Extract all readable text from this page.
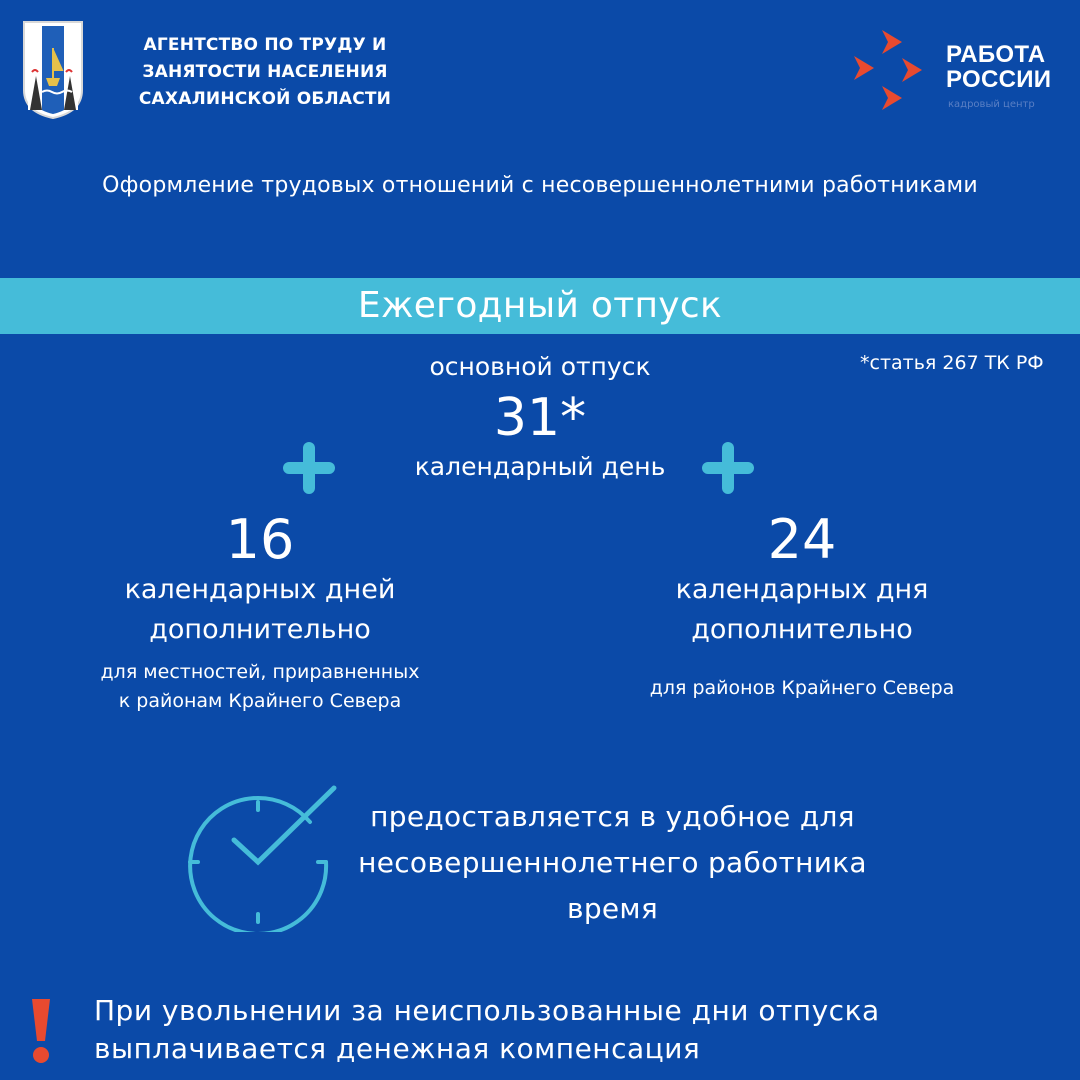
АГЕНТСТВО ПО ТРУДУ И
ЗАНЯТОСТИ НАСЕЛЕНИЯ
САХАЛИНСКОЙ ОБЛАСТИ
РАБОТА
РОССИИ
кадровый центр
Оформление трудовых отношений с несовершеннолетними работниками
Ежегодный отпуск
*статья 267 ТК РФ
основной отпуск
31*
календарный день
16
календарных дней
дополнительно
для местностей, приравненных
к районам Крайнего Севера
24
календарных дня
дополнительно
для районов Крайнего Севера
предоставляется в удобное для
несовершеннолетнего работника
время
При увольнении за неиспользованные дни отпуска
выплачивается денежная компенсация
